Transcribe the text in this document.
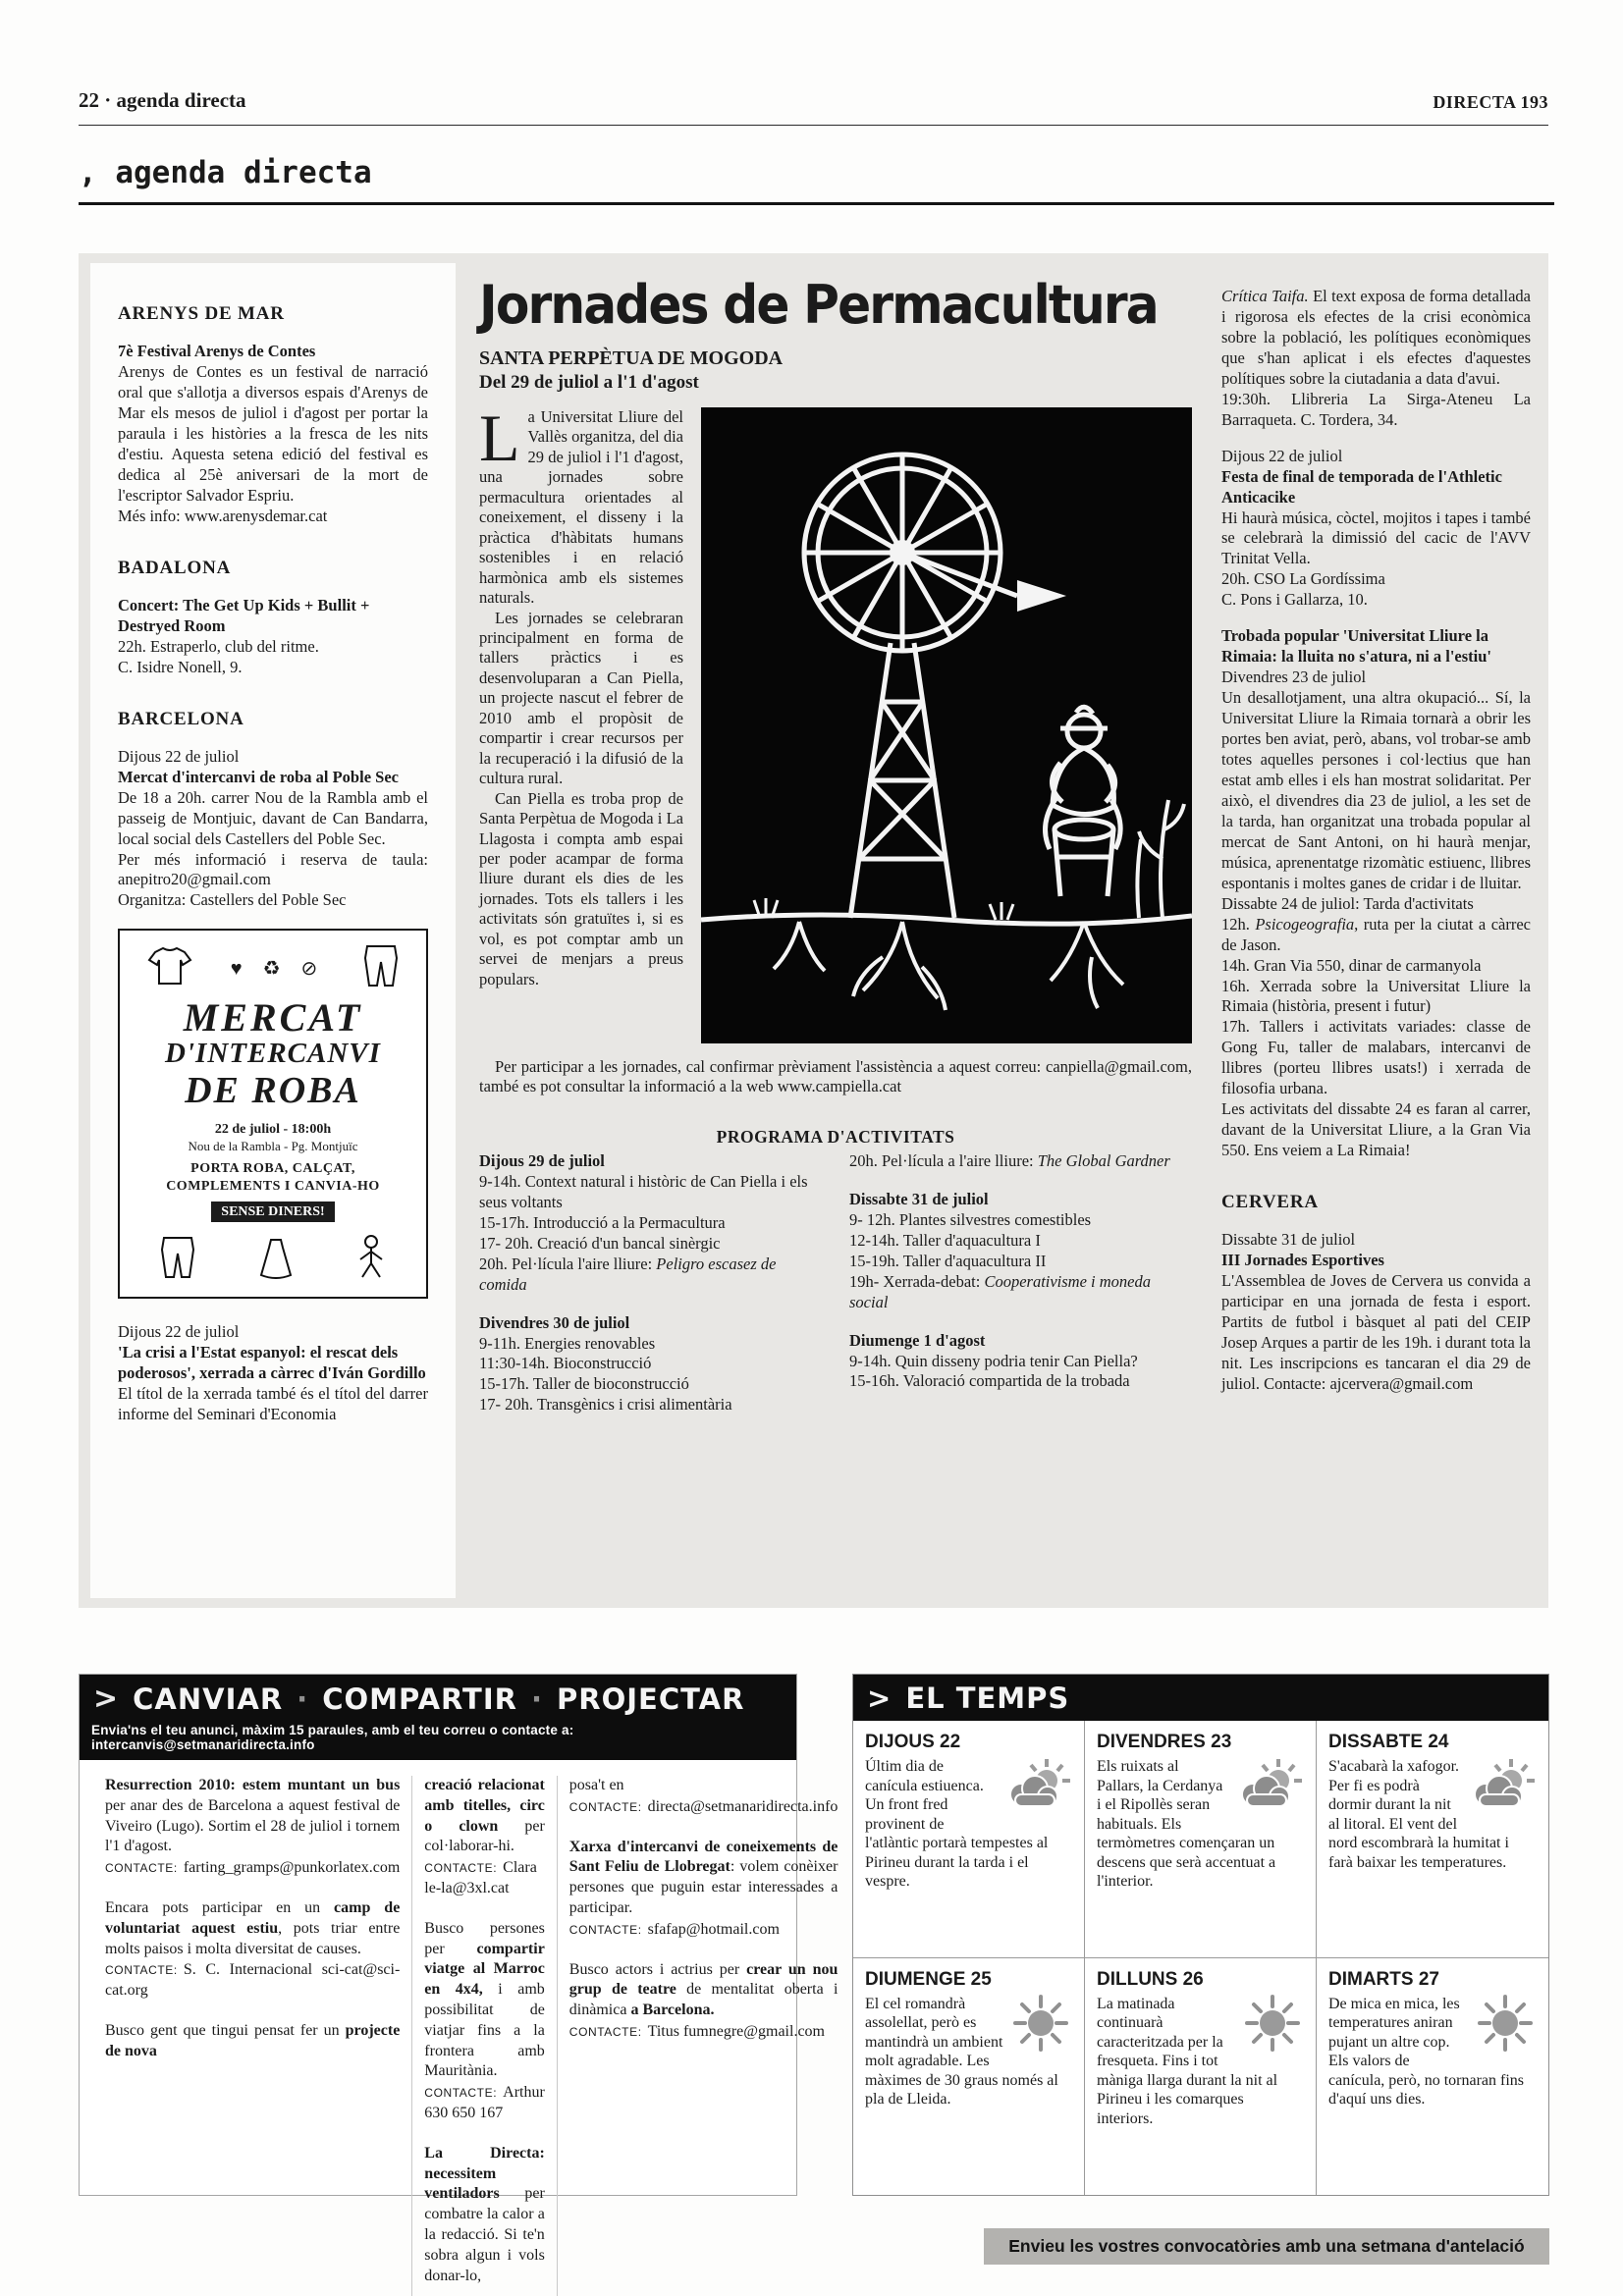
22 · agenda directa	DIRECTA 193
, agenda directa
ARENYS DE MAR

7è Festival Arenys de Contes

Arenys de Contes es un festival de narració oral que s'allotja a diversos espais d'Arenys de Mar els mesos de juliol i d'agost per portar la paraula i les històries a la fresca de les nits d'estiu. Aquesta setena edició del festival es dedica al 25è aniversari de la mort de l'escriptor Salvador Espriu.

Més info: www.arenysdemar.cat

BADALONA

Concert: The Get Up Kids + Bullit + Destryed Room

22h. Estraperlo, club del ritme.

C. Isidre Nonell, 9.

BARCELONA

Dijous 22 de juliol

Mercat d'intercanvi de roba al Poble Sec

De 18 a 20h. carrer Nou de la Rambla amb el passeig de Montjuic, davant de Can Bandarra, local social dels Castellers del Poble Sec.

Per més informació i reserva de taula: anepitro20@gmail.com

Organitza: Castellers del Poble Sec

♥ ♻ ⊘
MERCAT
D'INTERCANVI
DE ROBA
22 de juliol - 18:00h
Nou de la Rambla - Pg. Montjuïc
PORTA ROBA, CALÇAT,
COMPLEMENTS I CANVIA-HO
SENSE DINERS!

Dijous 22 de juliol

'La crisi a l'Estat espanyol: el rescat dels poderosos', xerrada a càrrec d'Iván Gordillo

El títol de la xerrada també és el títol del darrer informe del Seminari d'Economia

Jornades de Permacultura

SANTA PERPÈTUA DE MOGODA

Del 29 de juliol a l'1 d'agost

La Universitat Lliure del Vallès organitza, del dia 29 de juliol i l'1 d'agost, una jornades sobre permacultura orientades al coneixement, el disseny i la pràctica d'hàbitats humans sostenibles i en relació harmònica amb els sistemes naturals.

Les jornades se celebraran principalment en forma de tallers pràctics i es desenvoluparan a Can Piella, un projecte nascut el febrer de 2010 amb el propòsit de compartir i crear recursos per la recuperació i la difusió de la cultura rural.

Can Piella es troba prop de Santa Perpètua de Mogoda i La Llagosta i compta amb espai per poder acampar de forma lliure durant els dies de les jornades. Tots els tallers i les activitats són gratuïtes i, si es vol, es pot comptar amb un servei de menjars a preus populars.

Per participar a les jornades, cal confirmar prèviament l'assistència a aquest correu: canpiella@gmail.com, també es pot consultar la informació a la web www.campiella.cat

PROGRAMA D'ACTIVITATS

Dijous 29 de juliol

9-14h. Context natural i històric de Can Piella i els seus voltants

15-17h. Introducció a la Permacultura

17- 20h. Creació d'un bancal sinèrgic

20h. Pel·lícula l'aire lliure: Peligro escasez de comida

Divendres 30 de juliol

9-11h. Energies renovables

11:30-14h. Bioconstrucció

15-17h. Taller de bioconstrucció

17- 20h. Transgènics i crisi alimentària

20h. Pel·lícula a l'aire lliure: The Global Gardner

Dissabte 31 de juliol

9- 12h. Plantes silvestres comestibles

12-14h. Taller d'aquacultura I

15-19h. Taller d'aquacultura II

19h- Xerrada-debat: Cooperativisme i moneda social

Diumenge 1 d'agost

9-14h. Quin disseny podria tenir Can Piella?

15-16h. Valoració compartida de la trobada

Crítica Taifa. El text exposa de forma detallada i rigorosa els efectes de la crisi econòmica sobre la població, les polítiques econòmiques que s'han aplicat i els efectes d'aquestes polítiques sobre la ciutadania a data d'avui.

19:30h. Llibreria La Sirga-Ateneu La Barraqueta. C. Tordera, 34.

Dijous 22 de juliol

Festa de final de temporada de l'Athletic Anticacike

Hi haurà música, còctel, mojitos i tapes i també se celebrarà la dimissió del cacic de l'AVV Trinitat Vella.

20h. CSO La Gordíssima

C. Pons i Gallarza, 10.

Trobada popular 'Universitat Lliure la Rimaia: la lluita no s'atura, ni a l'estiu'

Divendres 23 de juliol

Un desallotjament, una altra okupació... Sí, la Universitat Lliure la Rimaia tornarà a obrir les portes ben aviat, però, abans, vol trobar-se amb totes aquelles persones i col·lectius que han estat amb elles i els han mostrat solidaritat. Per això, el divendres dia 23 de juliol, a les set de la tarda, han organitzat una trobada popular al mercat de Sant Antoni, on hi haurà menjar, música, aprenentatge rizomàtic estiuenc, llibres espontanis i moltes ganes de cridar i de lluitar.

Dissabte 24 de juliol: Tarda d'activitats

12h. Psicogeografia, ruta per la ciutat a càrrec de Jason.

14h. Gran Via 550, dinar de carmanyola

16h. Xerrada sobre la Universitat Lliure la Rimaia (història, present i futur)

17h. Tallers i activitats variades: classe de Gong Fu, taller de malabars, intercanvi de llibres (porteu llibres usats!) i xerrada de filosofia urbana.

Les activitats del dissabte 24 es faran al carrer, davant de la Universitat Lliure, a la Gran Via 550. Ens veiem a La Rimaia!

CERVERA

Dissabte 31 de juliol

III Jornades Esportives

L'Assemblea de Joves de Cervera us convida a participar en una jornada de festa i esport. Partits de futbol i bàsquet al pati del CEIP Josep Arques a partir de les 19h. i durant tota la nit. Les inscripcions es tancaran el dia 29 de juliol. Contacte: ajcervera@gmail.com

> CANVIAR · COMPARTIR · PROJECTAR
Envia'ns el teu anunci, màxim 15 paraules, amb el teu correu o contacte a: intercanvis@setmanaridirecta.info

Resurrection 2010: estem muntant un bus per anar des de Barcelona a aquest festival de Viveiro (Lugo). Sortim el 28 de juliol i tornem l'1 d'agost.
CONTACTE: farting_gramps@punkorlatex.com

Encara pots participar en un camp de voluntariat aquest estiu, pots triar entre molts paisos i molta diversitat de causes.
CONTACTE: S. C. Internacional sci-cat@sci-cat.org

Busco gent que tingui pensat fer un projecte de nova

creació relacionat amb titelles, circ o clown per col·laborar-hi.
CONTACTE: Clara le-la@3xl.cat

Busco persones per compartir viatge al Marroc en 4x4, i amb possibilitat de viatjar fins a la frontera amb Mauritània.
CONTACTE: Arthur 630 650 167

La Directa: necessitem ventiladors per combatre la calor a la redacció. Si te'n sobra algun i vols donar-lo,

posa't en
CONTACTE: directa@setmanaridirecta.info

Xarxa d'intercanvi de coneixements de Sant Feliu de Llobregat: volem conèixer persones que puguin estar interessades a participar.
CONTACTE: sfafap@hotmail.com

Busco actors i actrius per crear un nou grup de teatre de mentalitat oberta i dinàmica a Barcelona.
CONTACTE: Titus fumnegre@gmail.com

> EL TEMPS
DIJOUS 22
Últim dia de canícula estiuenca. Un front fred provinent de l'atlàntic portarà tempestes al Pirineu durant la tarda i el vespre.
DIVENDRES 23
Els ruixats al Pallars, la Cerdanya i el Ripollès seran habituals. Els termòmetres començaran un descens que serà accentuat a l'interior.
DISSABTE 24
S'acabarà la xafogor. Per fi es podrà dormir durant la nit al litoral. El vent del nord escombrarà la humitat i farà baixar les temperatures.
DIUMENGE 25
El cel romandrà assolellat, però es mantindrà un ambient molt agradable. Les màximes de 30 graus només al pla de Lleida.
DILLUNS 26
La matinada continuarà caracteritzada per la fresqueta. Fins i tot màniga llarga durant la nit al Pirineu i les comarques interiors.
DIMARTS 27
De mica en mica, les temperatures aniran pujant un altre cop. Els valors de canícula, però, no tornaran fins d'aquí uns dies.
Envieu les vostres convocatòries amb una setmana d'antelació
